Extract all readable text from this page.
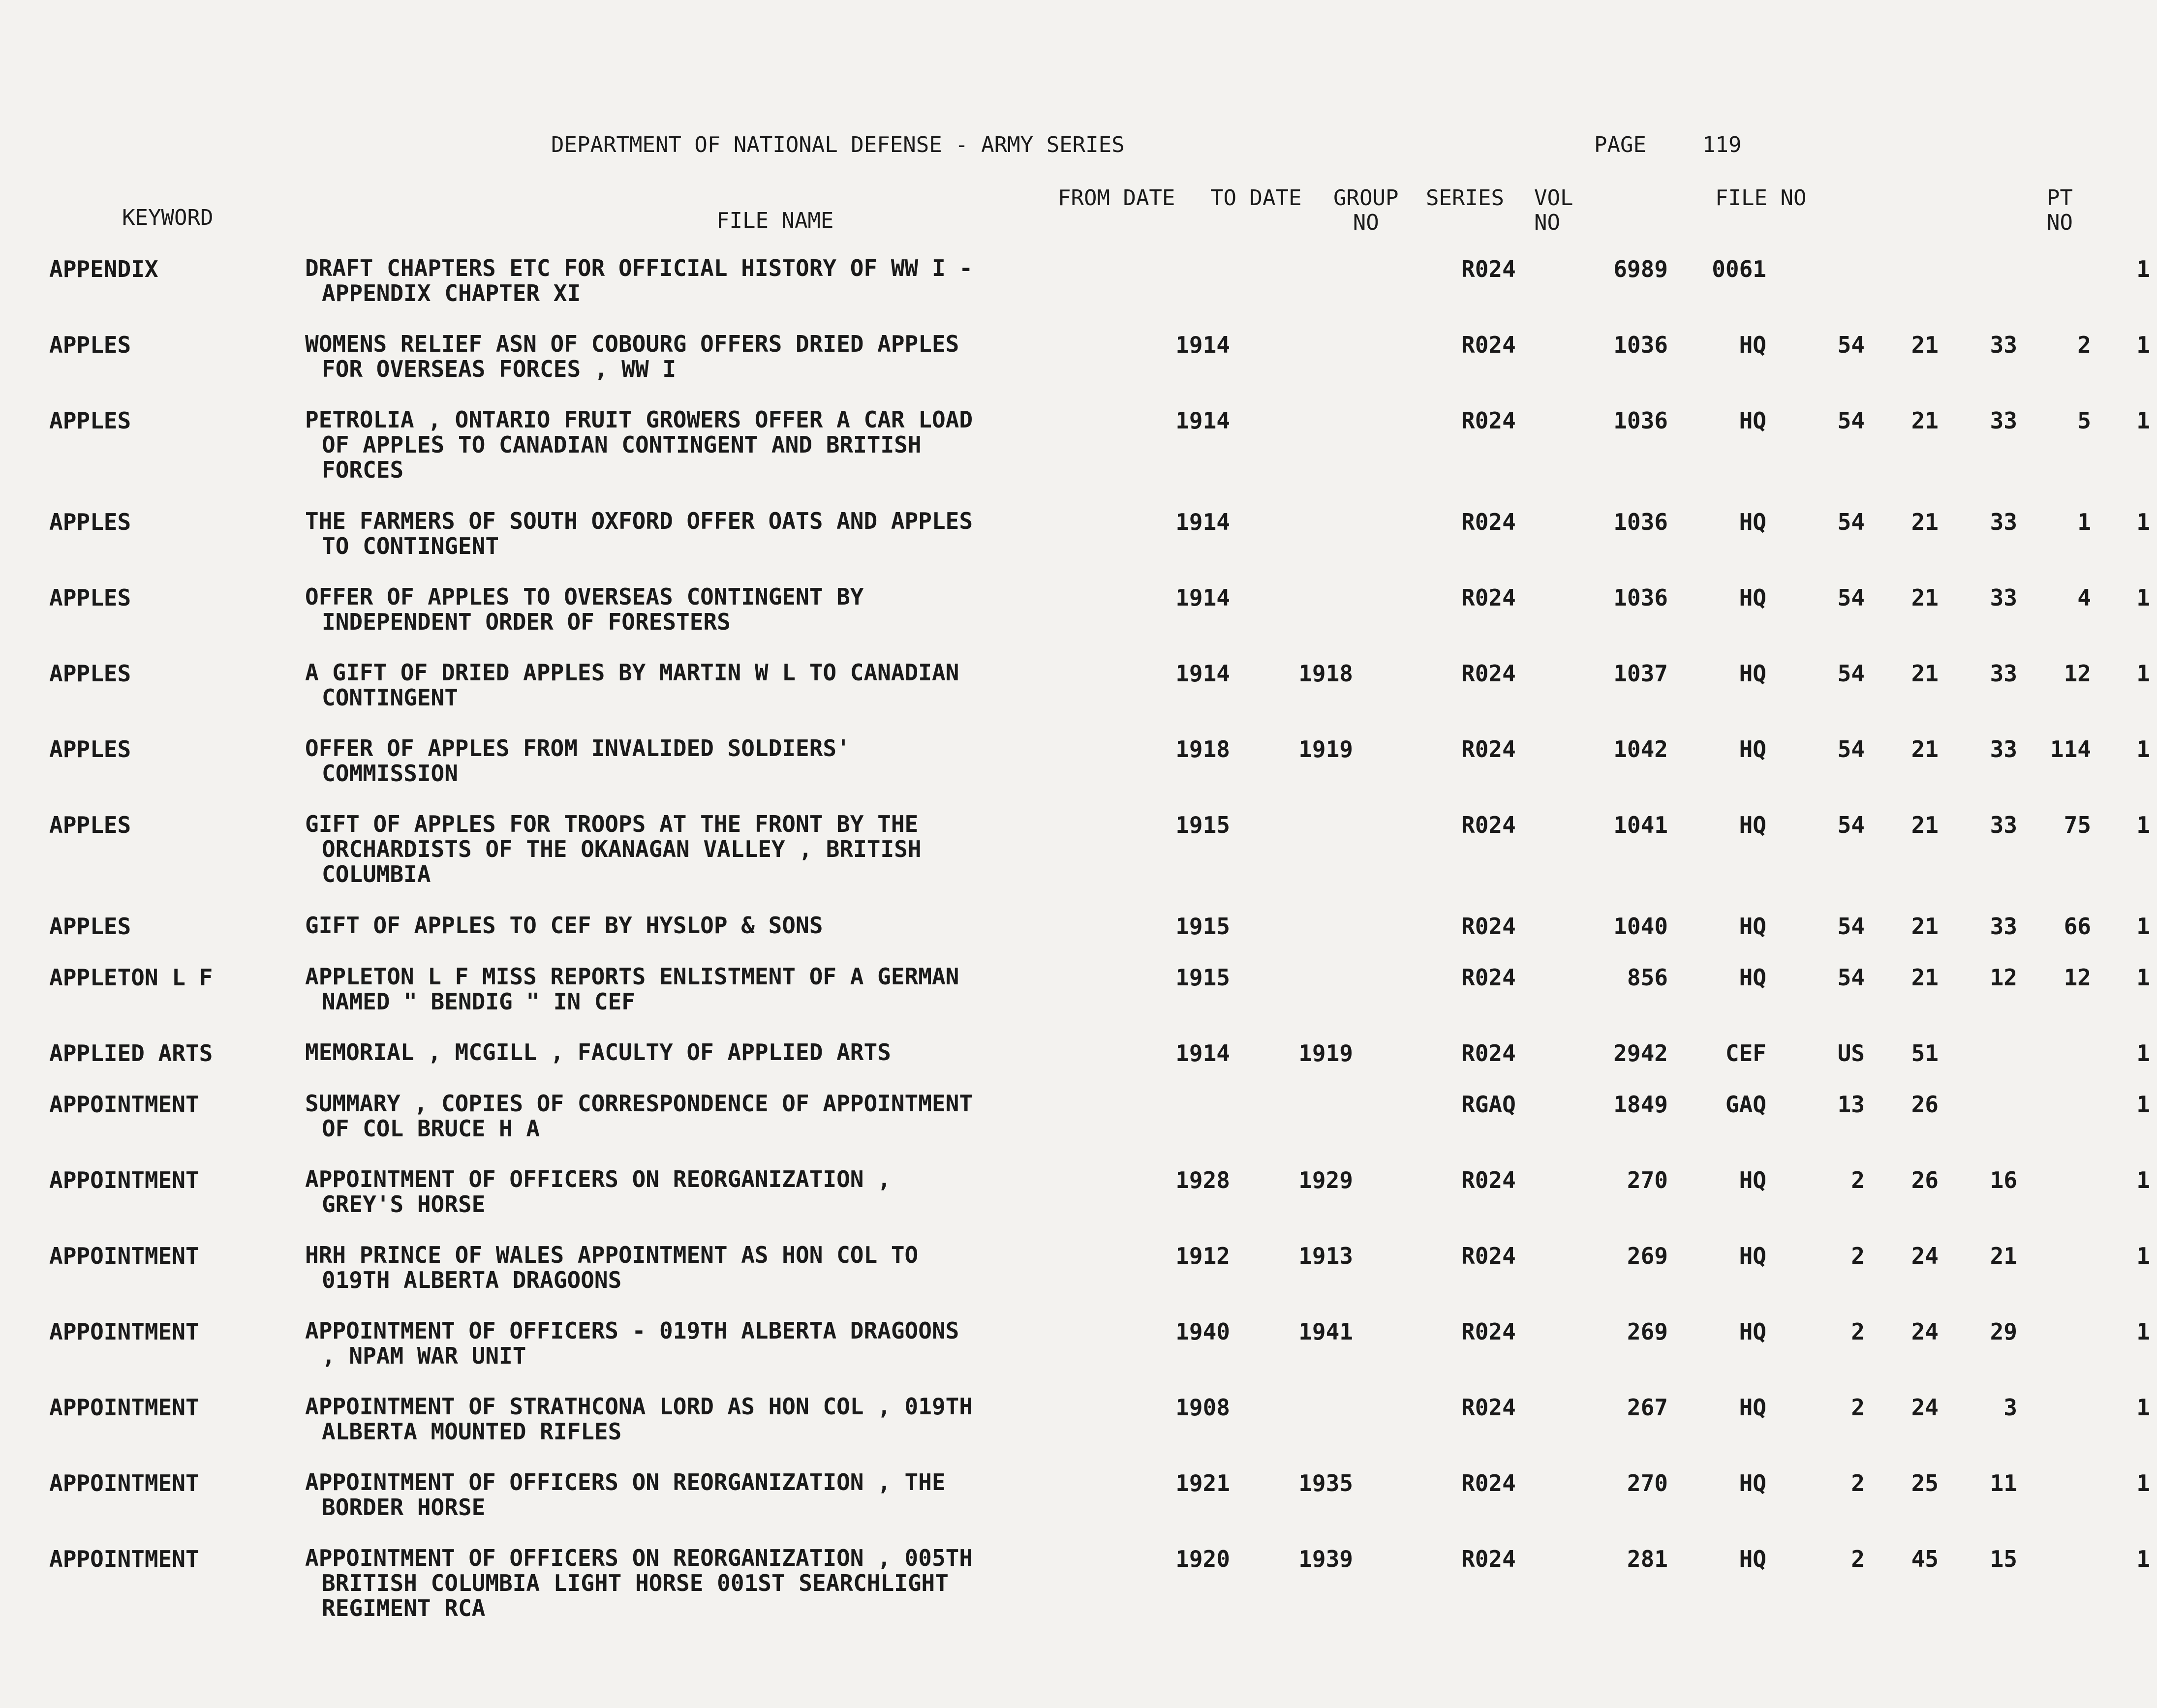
DEPARTMENT OF NATIONAL DEFENSE - ARMY SERIES	PAGE	119
KEYWORD	FILE NAME
FROM DATE TO DATE GROUP
NO
SERIES VOL
NO
FILE NO	PT
NO
APPENDIX	DRAFT CHAPTERS ETC FOR OFFICIAL HISTORY OF WW I -
APPENDIX CHAPTER XI				R024	6989	0061					1
APPLES	WOMENS RELIEF ASN OF COBOURG OFFERS DRIED APPLES
FOR OVERSEAS FORCES , WW I	1914			R024	1036	HQ	54	21	33	2	1
APPLES	PETROLIA , ONTARIO FRUIT GROWERS OFFER A CAR LOAD
OF APPLES TO CANADIAN CONTINGENT AND BRITISH
FORCES	1914			R024	1036	HQ	54	21	33	5	1
APPLES	THE FARMERS OF SOUTH OXFORD OFFER OATS AND APPLES
TO CONTINGENT	1914			R024	1036	HQ	54	21	33	1	1
APPLES	OFFER OF APPLES TO OVERSEAS CONTINGENT BY
INDEPENDENT ORDER OF FORESTERS	1914			R024	1036	HQ	54	21	33	4	1
APPLES	A GIFT OF DRIED APPLES BY MARTIN W L TO CANADIAN
CONTINGENT	1914	1918		R024	1037	HQ	54	21	33	12	1
APPLES	OFFER OF APPLES FROM INVALIDED SOLDIERS'
COMMISSION	1918	1919		R024	1042	HQ	54	21	33	114	1
APPLES	GIFT OF APPLES FOR TROOPS AT THE FRONT BY THE
ORCHARDISTS OF THE OKANAGAN VALLEY , BRITISH
COLUMBIA	1915			R024	1041	HQ	54	21	33	75	1
APPLES	GIFT OF APPLES TO CEF BY HYSLOP & SONS	1915			R024	1040	HQ	54	21	33	66	1
APPLETON L F	APPLETON L F MISS REPORTS ENLISTMENT OF A GERMAN
NAMED " BENDIG " IN CEF	1915			R024	856	HQ	54	21	12	12	1
APPLIED ARTS	MEMORIAL , MCGILL , FACULTY OF APPLIED ARTS	1914	1919		R024	2942	CEF	US	51			1
APPOINTMENT	SUMMARY , COPIES OF CORRESPONDENCE OF APPOINTMENT
OF COL BRUCE H A				RGAQ	1849	GAQ	13	26			1
APPOINTMENT	APPOINTMENT OF OFFICERS ON REORGANIZATION ,
GREY'S HORSE	1928	1929		R024	270	HQ	2	26	16		1
APPOINTMENT	HRH PRINCE OF WALES APPOINTMENT AS HON COL TO
019TH ALBERTA DRAGOONS	1912	1913		R024	269	HQ	2	24	21		1
APPOINTMENT	APPOINTMENT OF OFFICERS - 019TH ALBERTA DRAGOONS
, NPAM WAR UNIT	1940	1941		R024	269	HQ	2	24	29		1
APPOINTMENT	APPOINTMENT OF STRATHCONA LORD AS HON COL , 019TH
ALBERTA MOUNTED RIFLES	1908			R024	267	HQ	2	24	3		1
APPOINTMENT	APPOINTMENT OF OFFICERS ON REORGANIZATION , THE
BORDER HORSE	1921	1935		R024	270	HQ	2	25	11		1
APPOINTMENT	APPOINTMENT OF OFFICERS ON REORGANIZATION , 005TH
BRITISH COLUMBIA LIGHT HORSE 001ST SEARCHLIGHT
REGIMENT RCA	1920	1939		R024	281	HQ	2	45	15		1
